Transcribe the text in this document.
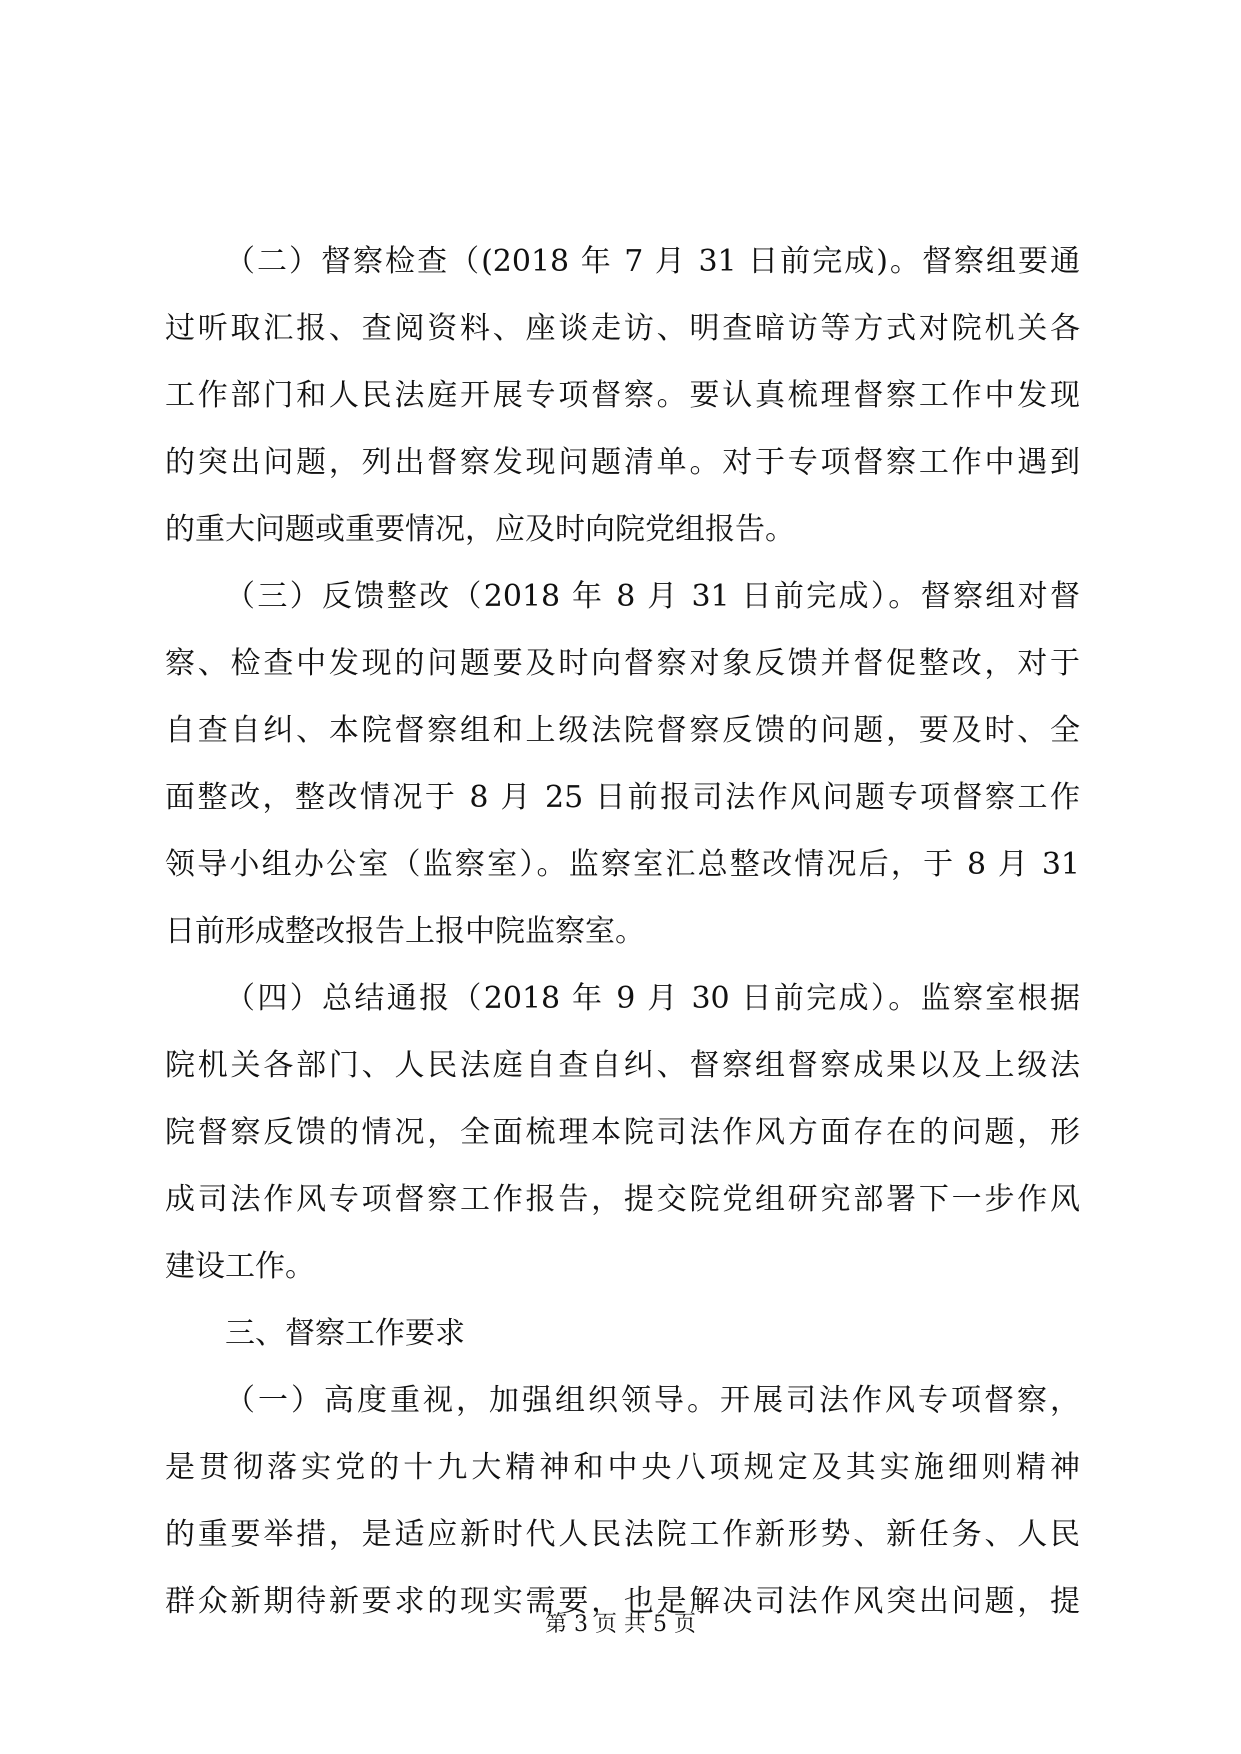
（二）督察检查（(2018 年 7 月 31 日前完成)。督察组要通
过听取汇报、查阅资料、座谈走访、明查暗访等方式对院机关各
工作部门和人民法庭开展专项督察。要认真梳理督察工作中发现
的突出问题，列出督察发现问题清单。对于专项督察工作中遇到
的重大问题或重要情况，应及时向院党组报告。
（三）反馈整改（2018 年 8 月 31 日前完成）。督察组对督
察、检查中发现的问题要及时向督察对象反馈并督促整改，对于
自查自纠、本院督察组和上级法院督察反馈的问题，要及时、全
面整改，整改情况于 8 月 25 日前报司法作风问题专项督察工作
领导小组办公室（监察室）。监察室汇总整改情况后，于 8 月 31
日前形成整改报告上报中院监察室。
（四）总结通报（2018 年 9 月 30 日前完成）。监察室根据
院机关各部门、人民法庭自查自纠、督察组督察成果以及上级法
院督察反馈的情况，全面梳理本院司法作风方面存在的问题，形
成司法作风专项督察工作报告，提交院党组研究部署下一步作风
建设工作。
三、督察工作要求
（一）高度重视，加强组织领导。开展司法作风专项督察，
是贯彻落实党的十九大精神和中央八项规定及其实施细则精神
的重要举措，是适应新时代人民法院工作新形势、新任务、人民
群众新期待新要求的现实需要，也是解决司法作风突出问题，提
第 3 页 共 5 页
